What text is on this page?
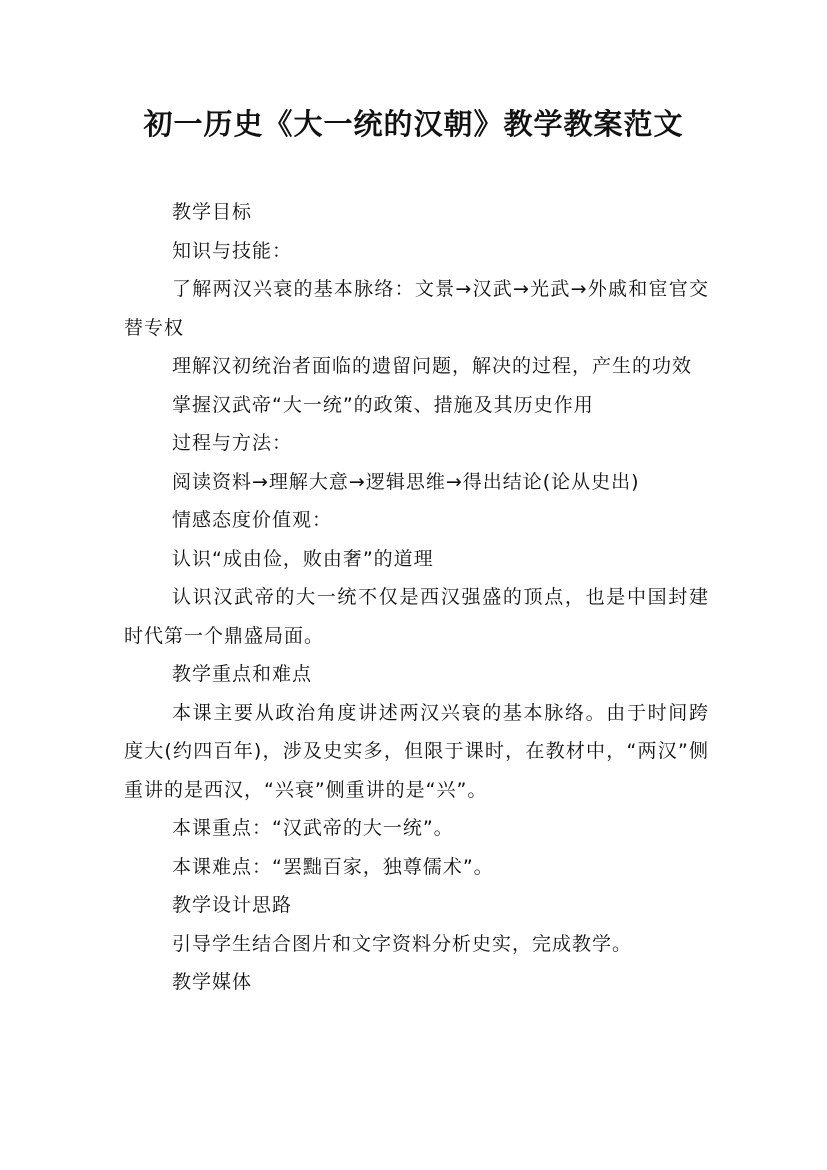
初一历史《大一统的汉朝》教学教案范文

教学目标

知识与技能：

了解两汉兴衰的基本脉络：文景→汉武→光武→外戚和宦官交替专权

理解汉初统治者面临的遗留问题，解决的过程，产生的功效

掌握汉武帝“大一统”的政策、措施及其历史作用

过程与方法：

阅读资料→理解大意→逻辑思维→得出结论(论从史出)

情感态度价值观：

认识“成由俭，败由奢”的道理

认识汉武帝的大一统不仅是西汉强盛的顶点，也是中国封建时代第一个鼎盛局面。

教学重点和难点

本课主要从政治角度讲述两汉兴衰的基本脉络。由于时间跨度大(约四百年)，涉及史实多，但限于课时，在教材中，“两汉”侧重讲的是西汉，“兴衰”侧重讲的是“兴”。

本课重点：“汉武帝的大一统”。

本课难点：“罢黜百家，独尊儒术”。

教学设计思路

引导学生结合图片和文字资料分析史实，完成教学。

教学媒体
